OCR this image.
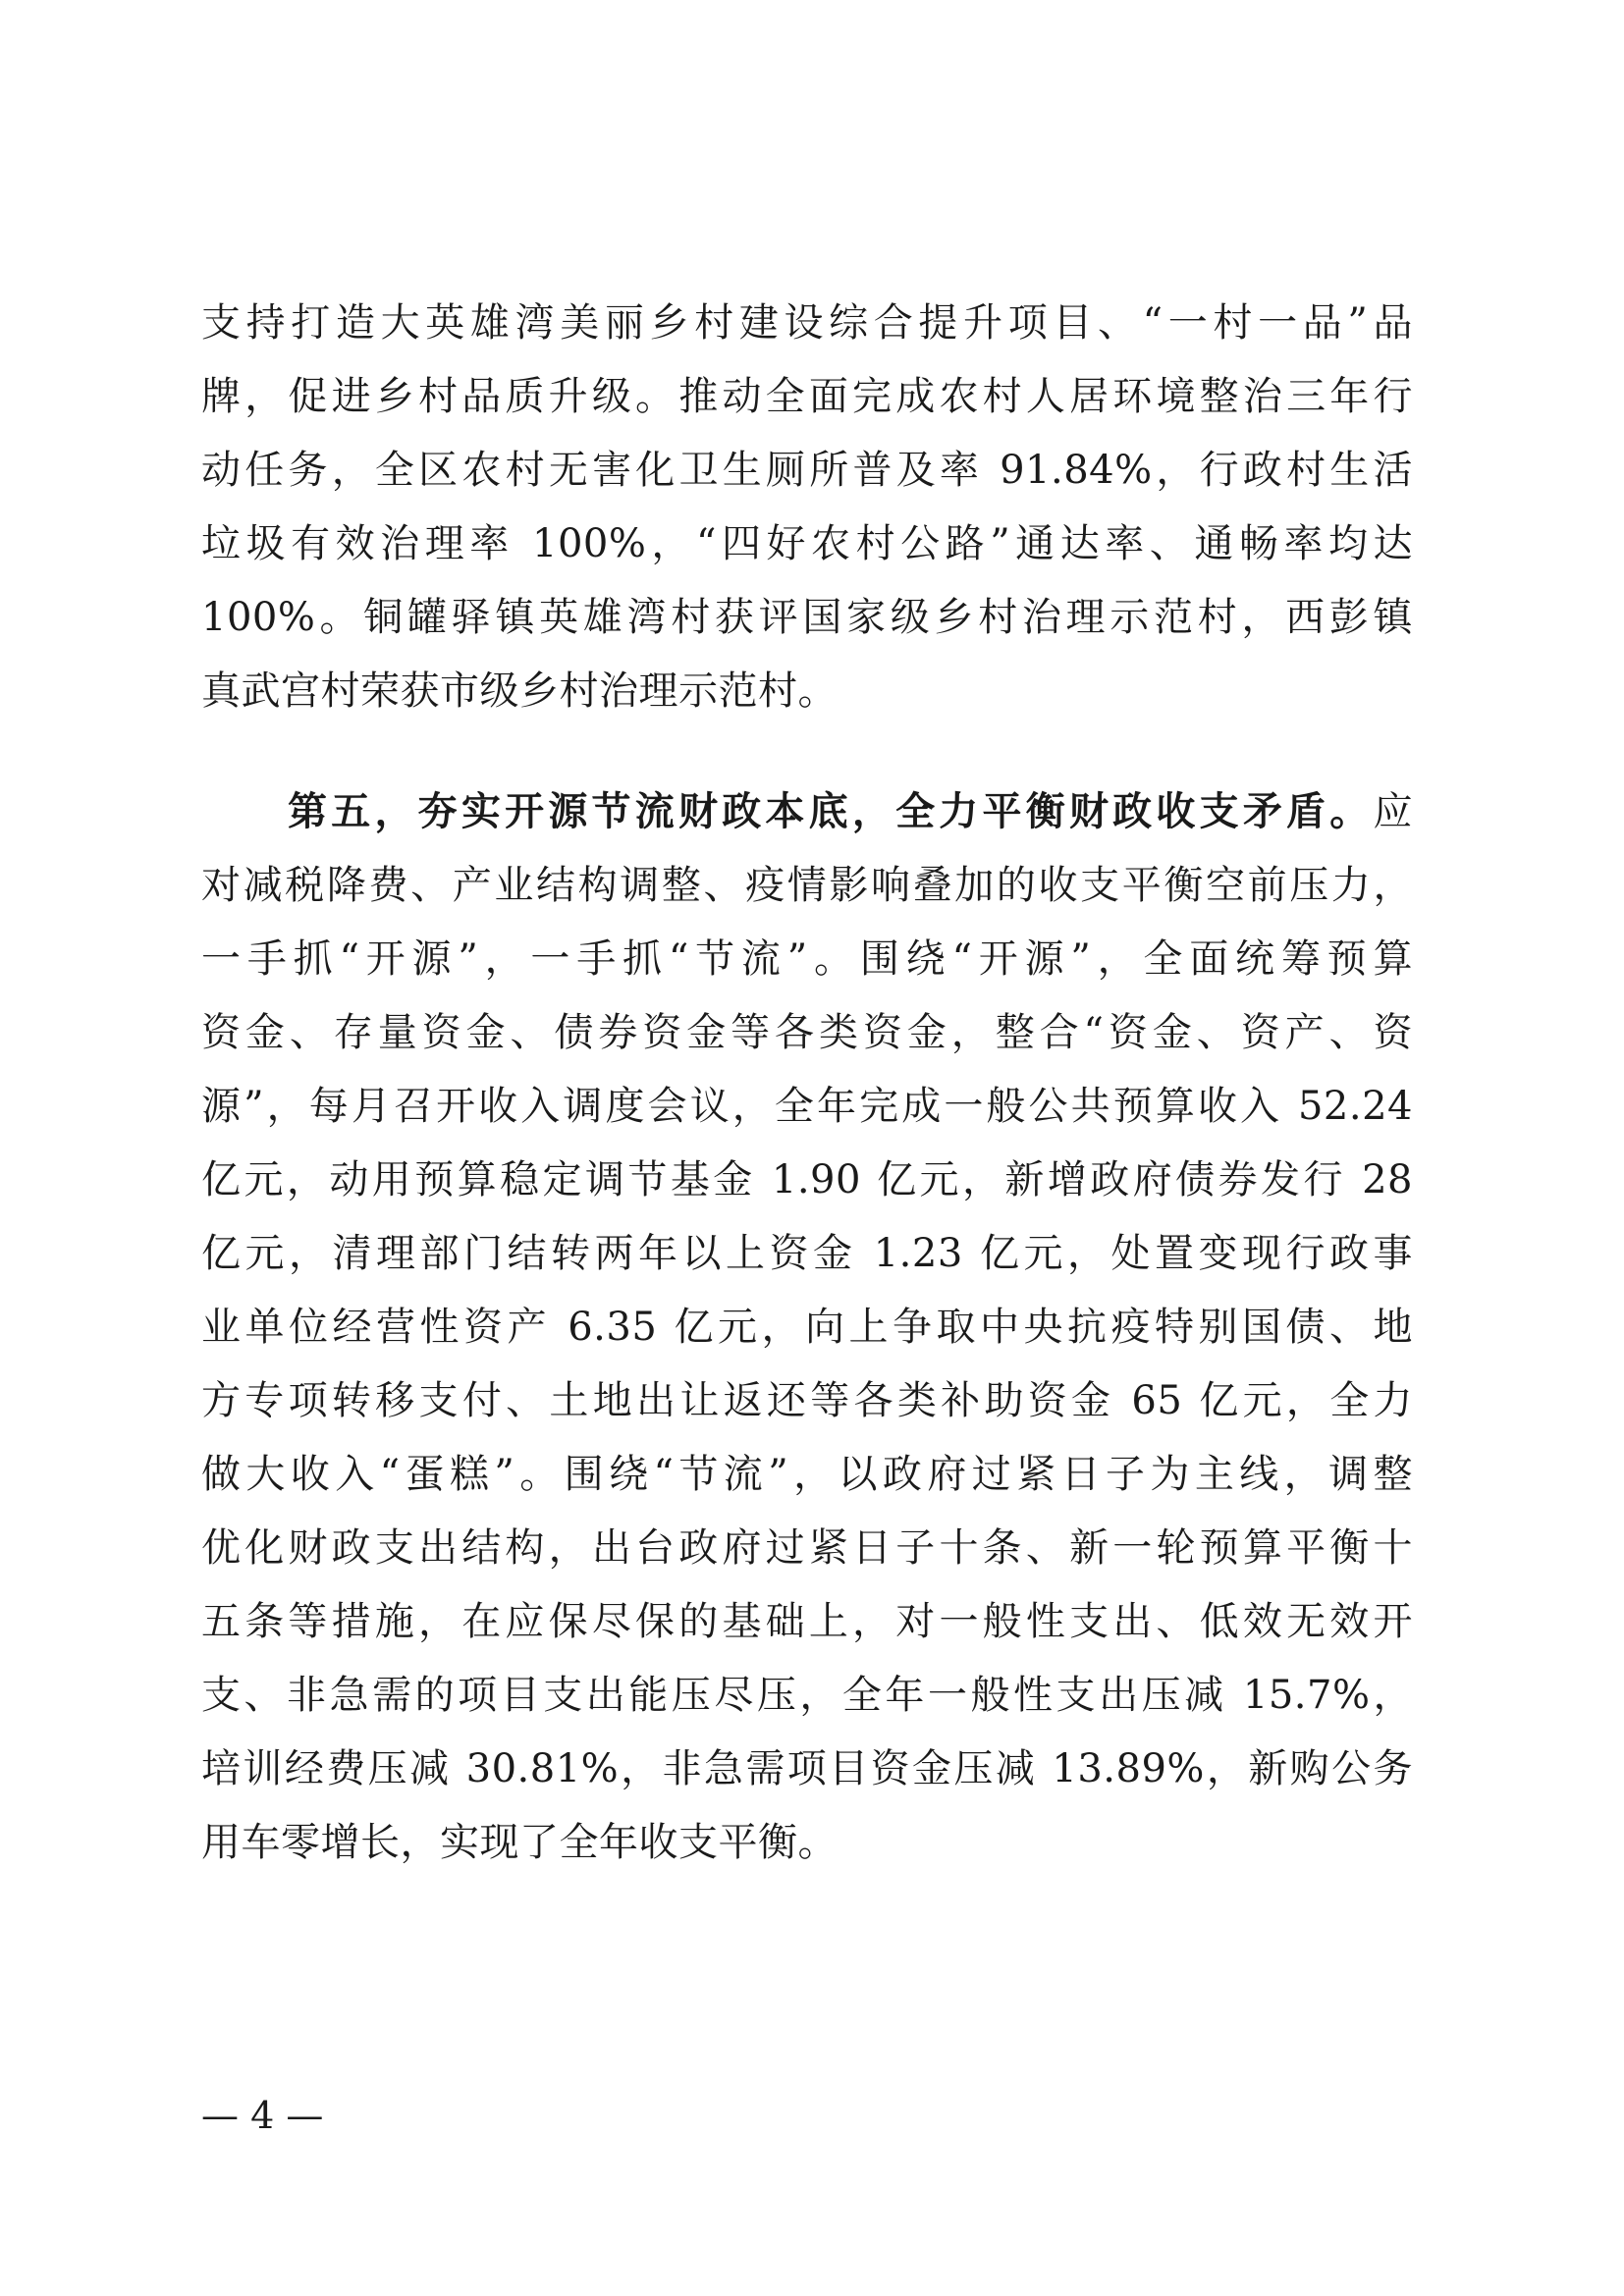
支持打造大英雄湾美丽乡村建设综合提升项目、“一村一品”品
牌，促进乡村品质升级。推动全面完成农村人居环境整治三年行
动任务，全区农村无害化卫生厕所普及率 91.84%，行政村生活
垃圾有效治理率 100%，“四好农村公路”通达率、通畅率均达
100%。铜罐驿镇英雄湾村获评国家级乡村治理示范村，西彭镇
真武宫村荣获市级乡村治理示范村。
第五，夯实开源节流财政本底，全力平衡财政收支矛盾。应
对减税降费、产业结构调整、疫情影响叠加的收支平衡空前压力，
一手抓“开源”，一手抓“节流”。围绕“开源”，全面统筹预算
资金、存量资金、债券资金等各类资金，整合“资金、资产、资
源”，每月召开收入调度会议，全年完成一般公共预算收入 52.24
亿元，动用预算稳定调节基金 1.90 亿元，新增政府债券发行 28
亿元，清理部门结转两年以上资金 1.23 亿元，处置变现行政事
业单位经营性资产 6.35 亿元，向上争取中央抗疫特别国债、地
方专项转移支付、土地出让返还等各类补助资金 65 亿元，全力
做大收入“蛋糕”。围绕“节流”，以政府过紧日子为主线，调整
优化财政支出结构，出台政府过紧日子十条、新一轮预算平衡十
五条等措施，在应保尽保的基础上，对一般性支出、低效无效开
支、非急需的项目支出能压尽压，全年一般性支出压减 15.7%，
培训经费压减 30.81%，非急需项目资金压减 13.89%，新购公务
用车零增长，实现了全年收支平衡。
— 4 —
